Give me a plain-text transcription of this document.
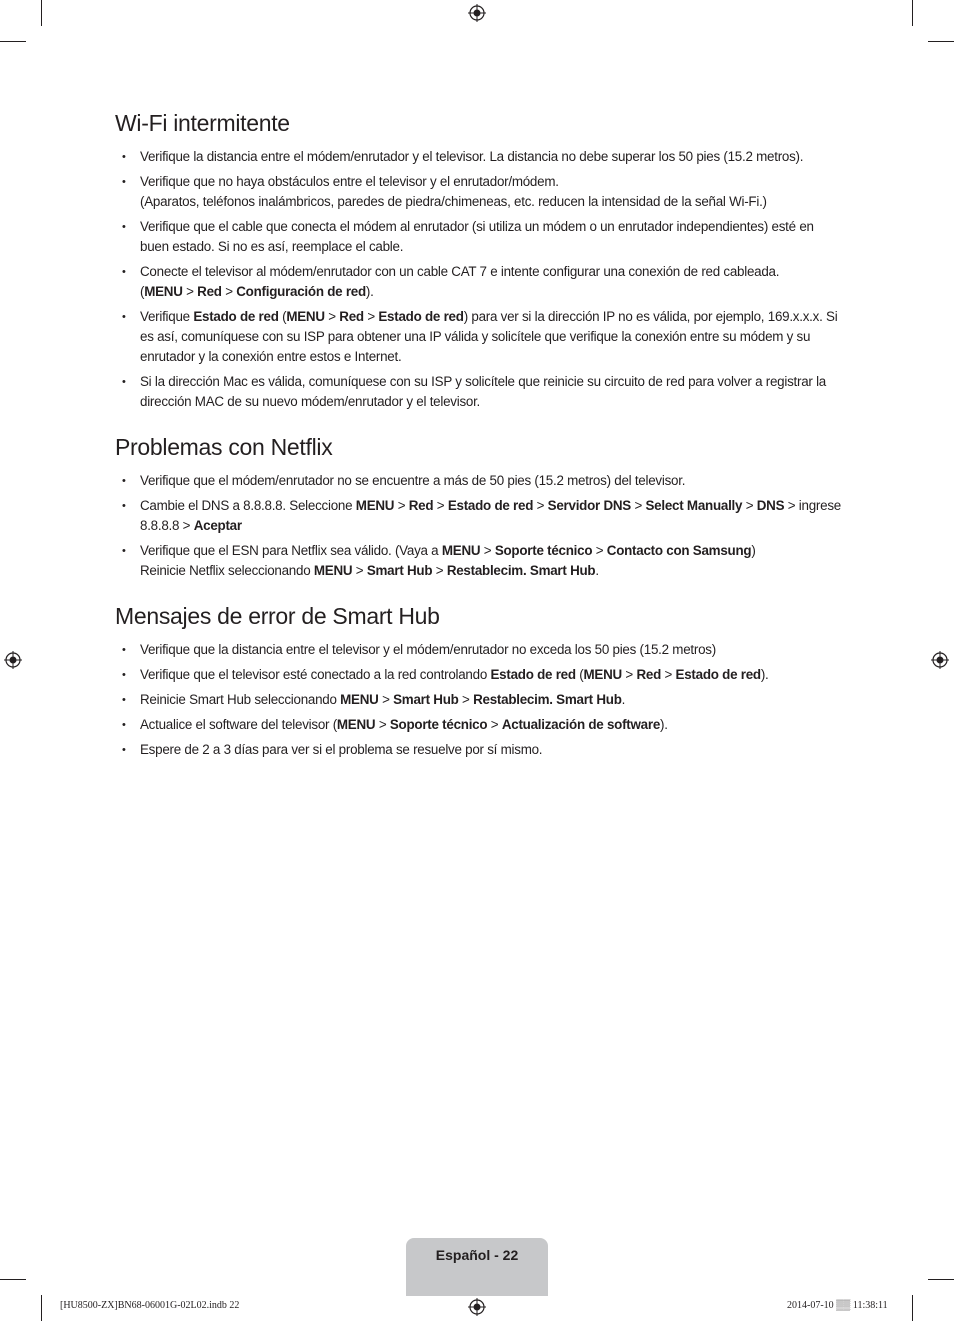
Wi-Fi intermitente
• Verifique la distancia entre el módem/enrutador y el televisor. La distancia no debe superar los 50 pies (15.2 metros).
• Verifique que no haya obstáculos entre el televisor y el enrutador/módem.
(Aparatos, teléfonos inalámbricos, paredes de piedra/chimeneas, etc. reducen la intensidad de la señal Wi-Fi.)
• Verifique que el cable que conecta el módem al enrutador (si utiliza un módem o un enrutador independientes) esté en buen estado. Si no es así, reemplace el cable.
• Conecte el televisor al módem/enrutador con un cable CAT 7 e intente configurar una conexión de red cableada.
(MENU > Red > Configuración de red).
• Verifique Estado de red (MENU > Red > Estado de red) para ver si la dirección IP no es válida, por ejemplo, 169.x.x.x. Si es así, comuníquese con su ISP para obtener una IP válida y solicítele que verifique la conexión entre su módem y su enrutador y la conexión entre estos e Internet.
• Si la dirección Mac es válida, comuníquese con su ISP y solicítele que reinicie su circuito de red para volver a registrar la dirección MAC de su nuevo módem/enrutador y el televisor.
Problemas con Netflix
• Verifique que el módem/enrutador no se encuentre a más de 50 pies (15.2 metros) del televisor.
• Cambie el DNS a 8.8.8.8. Seleccione MENU > Red > Estado de red > Servidor DNS > Select Manually > DNS > ingrese 8.8.8.8 > Aceptar
• Verifique que el ESN para Netflix sea válido. (Vaya a MENU > Soporte técnico > Contacto con Samsung)
Reinicie Netflix seleccionando MENU > Smart Hub > Restablecim. Smart Hub.
Mensajes de error de Smart Hub
• Verifique que la distancia entre el televisor y el módem/enrutador no exceda los 50 pies (15.2 metros)
• Verifique que el televisor esté conectado a la red controlando Estado de red (MENU > Red > Estado de red).
• Reinicie Smart Hub seleccionando MENU > Smart Hub > Restablecim. Smart Hub.
• Actualice el software del televisor (MENU > Soporte técnico > Actualización de software).
• Espere de 2 a 3 días para ver si el problema se resuelve por sí mismo.
Español - 22
[HU8500-ZX]BN68-06001G-02L02.indb 22	2014-07-10 ▒▒ 11:38:11
